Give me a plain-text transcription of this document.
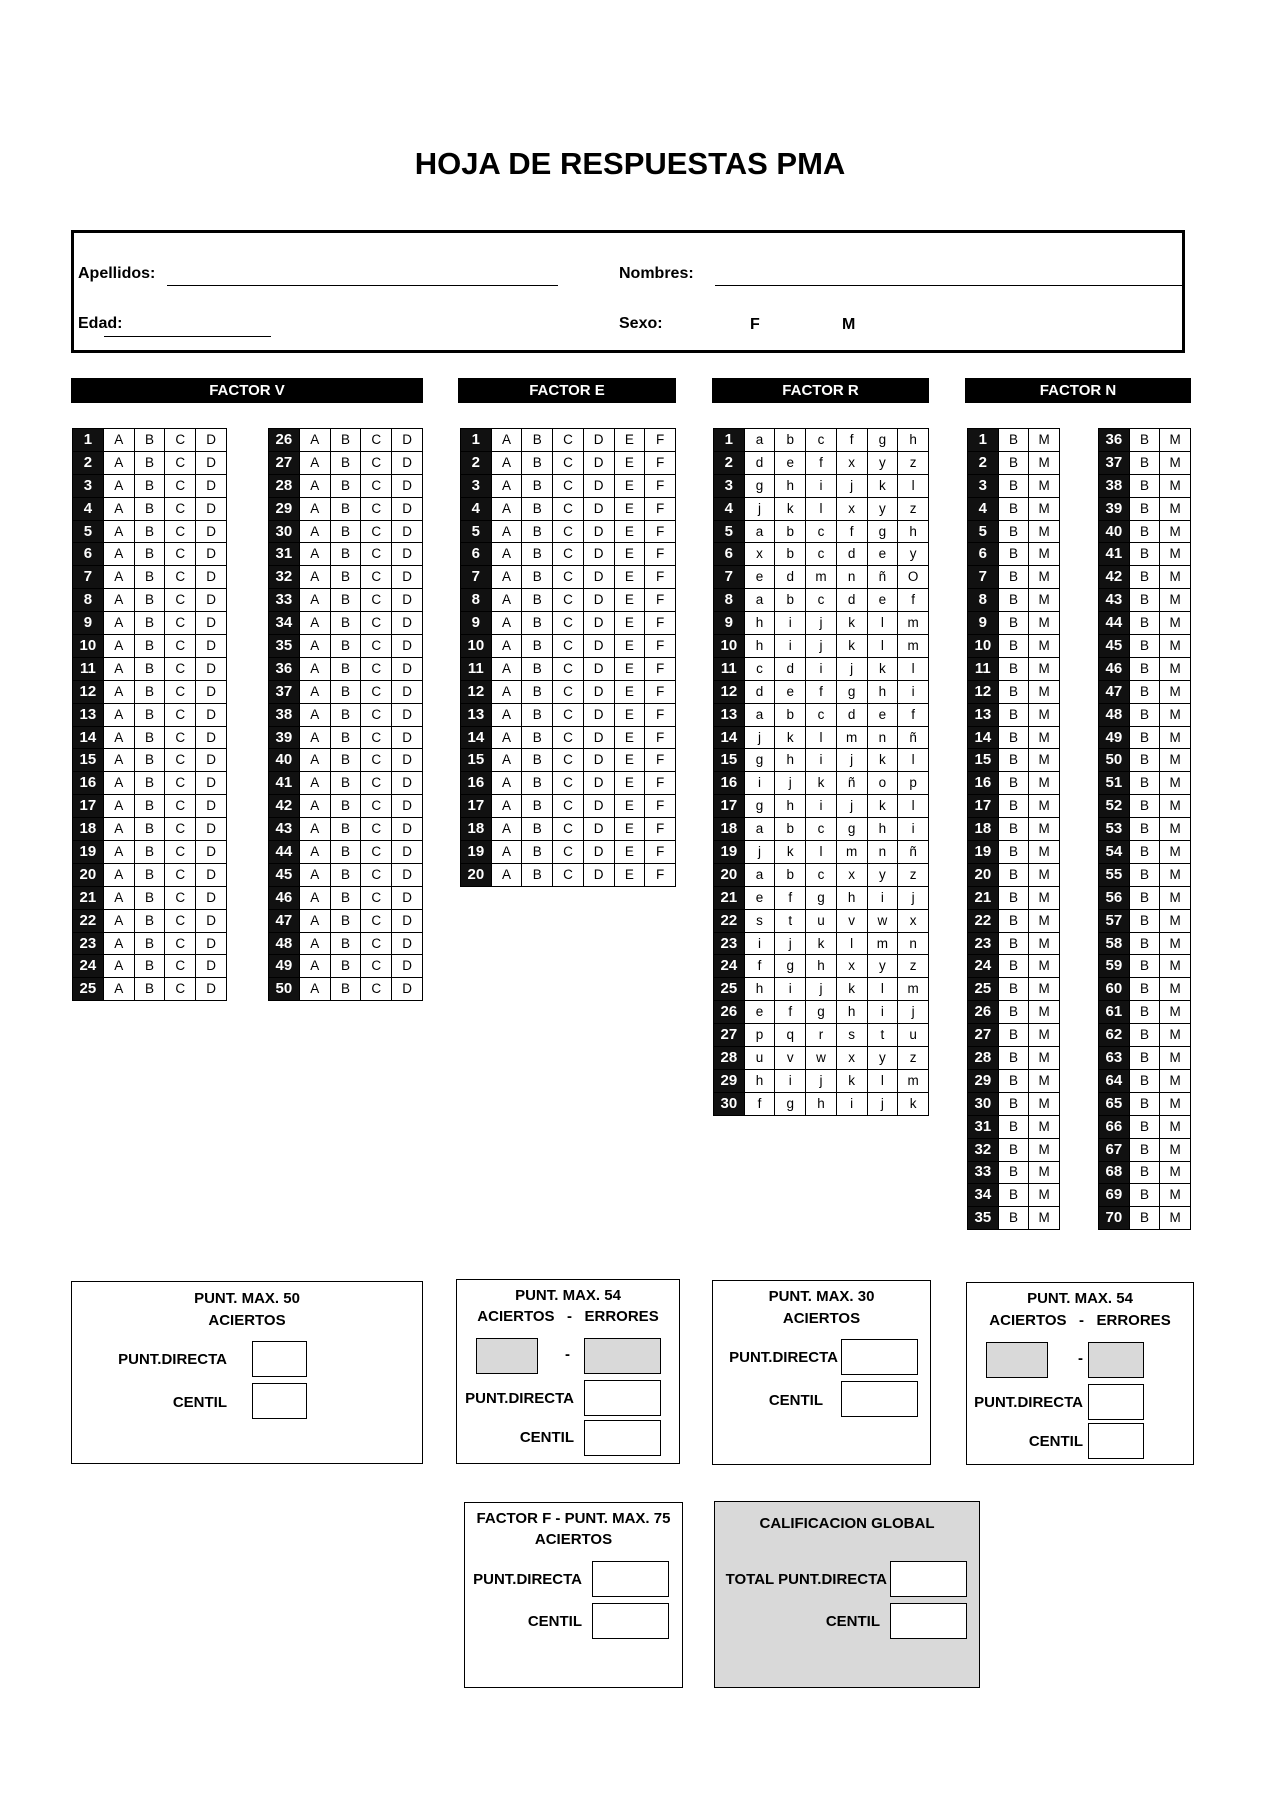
HOJA DE RESPUESTAS PMA
Apellidos:	Nombres:
Edad:	Sexo:	F	M
FACTOR V	FACTOR E	FACTOR R	FACTOR N
1	A	B	C	D
2	A	B	C	D
3	A	B	C	D
4	A	B	C	D
5	A	B	C	D
6	A	B	C	D
7	A	B	C	D
8	A	B	C	D
9	A	B	C	D
10	A	B	C	D
11	A	B	C	D
12	A	B	C	D
13	A	B	C	D
14	A	B	C	D
15	A	B	C	D
16	A	B	C	D
17	A	B	C	D
18	A	B	C	D
19	A	B	C	D
20	A	B	C	D
21	A	B	C	D
22	A	B	C	D
23	A	B	C	D
24	A	B	C	D
25	A	B	C	D
26	A	B	C	D
27	A	B	C	D
28	A	B	C	D
29	A	B	C	D
30	A	B	C	D
31	A	B	C	D
32	A	B	C	D
33	A	B	C	D
34	A	B	C	D
35	A	B	C	D
36	A	B	C	D
37	A	B	C	D
38	A	B	C	D
39	A	B	C	D
40	A	B	C	D
41	A	B	C	D
42	A	B	C	D
43	A	B	C	D
44	A	B	C	D
45	A	B	C	D
46	A	B	C	D
47	A	B	C	D
48	A	B	C	D
49	A	B	C	D
50	A	B	C	D
1	A	B	C	D	E	F
2	A	B	C	D	E	F
3	A	B	C	D	E	F
4	A	B	C	D	E	F
5	A	B	C	D	E	F
6	A	B	C	D	E	F
7	A	B	C	D	E	F
8	A	B	C	D	E	F
9	A	B	C	D	E	F
10	A	B	C	D	E	F
11	A	B	C	D	E	F
12	A	B	C	D	E	F
13	A	B	C	D	E	F
14	A	B	C	D	E	F
15	A	B	C	D	E	F
16	A	B	C	D	E	F
17	A	B	C	D	E	F
18	A	B	C	D	E	F
19	A	B	C	D	E	F
20	A	B	C	D	E	F
1	a	b	c	f	g	h
2	d	e	f	x	y	z
3	g	h	i	j	k	l
4	j	k	l	x	y	z
5	a	b	c	f	g	h
6	x	b	c	d	e	y
7	e	d	m	n	ñ	O
8	a	b	c	d	e	f
9	h	i	j	k	l	m
10	h	i	j	k	l	m
11	c	d	i	j	k	l
12	d	e	f	g	h	i
13	a	b	c	d	e	f
14	j	k	l	m	n	ñ
15	g	h	i	j	k	l
16	i	j	k	ñ	o	p
17	g	h	i	j	k	l
18	a	b	c	g	h	i
19	j	k	l	m	n	ñ
20	a	b	c	x	y	z
21	e	f	g	h	i	j
22	s	t	u	v	w	x
23	i	j	k	l	m	n
24	f	g	h	x	y	z
25	h	i	j	k	l	m
26	e	f	g	h	i	j
27	p	q	r	s	t	u
28	u	v	w	x	y	z
29	h	i	j	k	l	m
30	f	g	h	i	j	k
1	B	M
2	B	M
3	B	M
4	B	M
5	B	M
6	B	M
7	B	M
8	B	M
9	B	M
10	B	M
11	B	M
12	B	M
13	B	M
14	B	M
15	B	M
16	B	M
17	B	M
18	B	M
19	B	M
20	B	M
21	B	M
22	B	M
23	B	M
24	B	M
25	B	M
26	B	M
27	B	M
28	B	M
29	B	M
30	B	M
31	B	M
32	B	M
33	B	M
34	B	M
35	B	M
36	B	M
37	B	M
38	B	M
39	B	M
40	B	M
41	B	M
42	B	M
43	B	M
44	B	M
45	B	M
46	B	M
47	B	M
48	B	M
49	B	M
50	B	M
51	B	M
52	B	M
53	B	M
54	B	M
55	B	M
56	B	M
57	B	M
58	B	M
59	B	M
60	B	M
61	B	M
62	B	M
63	B	M
64	B	M
65	B	M
66	B	M
67	B	M
68	B	M
69	B	M
70	B	M
PUNT. MAX. 50
ACIERTOS
PUNT.DIRECTA
CENTIL
PUNT. MAX. 54
ACIERTOS   -   ERRORES
-
PUNT.DIRECTA
CENTIL
PUNT. MAX. 30
ACIERTOS
PUNT.DIRECTA
CENTIL
PUNT. MAX. 54
ACIERTOS   -   ERRORES
-
PUNT.DIRECTA
CENTIL
FACTOR F - PUNT. MAX. 75
ACIERTOS
PUNT.DIRECTA
CENTIL
CALIFICACION GLOBAL
TOTAL PUNT.DIRECTA
CENTIL
